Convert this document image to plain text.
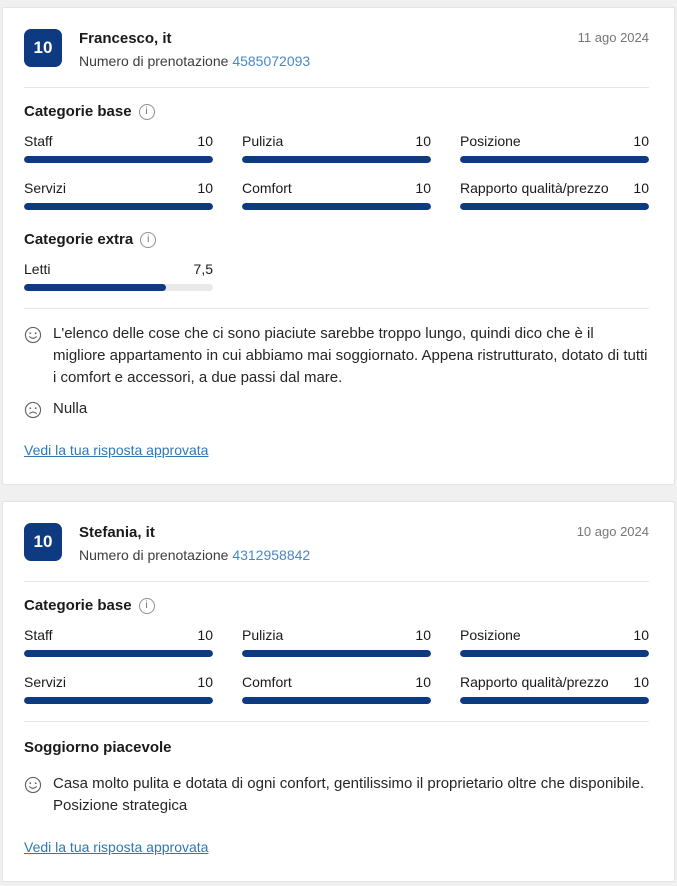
10	Francesco, it
Numero di prenotazione 4585072093
11 ago 2024
Categorie base	i
Staff	10 Pulizia	10 Posizione	10
Servizi	10 Comfort	10 Rapporto qualità/prezzo 10
Categorie extra	i
Letti	7,5

L'elenco delle cose che ci sono piaciute sarebbe troppo lungo, quindi dico che è il migliore appartamento in cui abbiamo mai soggiornato. Appena ristrutturato, dotato di tutti i comfort e accessori, a due passi dal mare.

Nulla

Vedi la tua risposta approvata
10	Stefania, it
Numero di prenotazione 4312958842
10 ago 2024
Categorie base	i
Staff	10 Pulizia	10 Posizione	10
Servizi	10 Comfort	10 Rapporto qualità/prezzo 10
Soggiorno piacevole

Casa molto pulita e dotata di ogni confort, gentilissimo il proprietario oltre che disponibile. Posizione strategica

Vedi la tua risposta approvata
